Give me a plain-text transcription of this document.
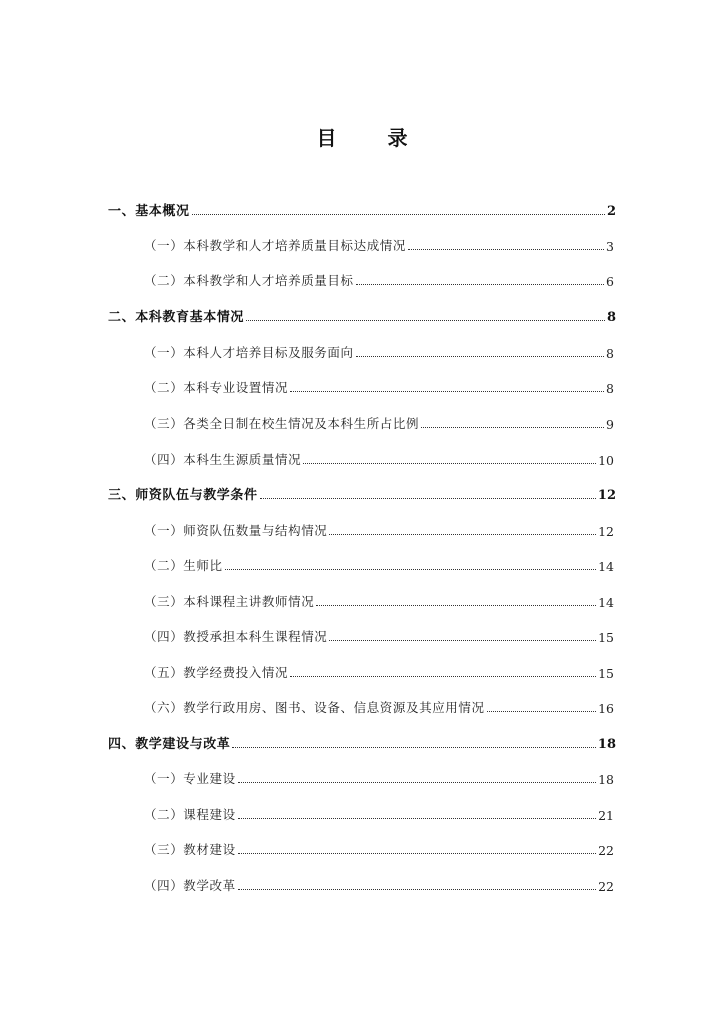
目 录
一、基本概况	2
（一）本科教学和人才培养质量目标达成情况	3
（二）本科教学和人才培养质量目标	6
二、本科教育基本情况	8
（一）本科人才培养目标及服务面向	8
（二）本科专业设置情况	8
（三）各类全日制在校生情况及本科生所占比例	9
（四）本科生生源质量情况	10
三、师资队伍与教学条件	12
（一）师资队伍数量与结构情况	12
（二）生师比	14
（三）本科课程主讲教师情况	14
（四）教授承担本科生课程情况	15
（五）教学经费投入情况	15
（六）教学行政用房、图书、设备、信息资源及其应用情况	16
四、教学建设与改革	18
（一）专业建设	18
（二）课程建设	21
（三）教材建设	22
（四）教学改革	22
